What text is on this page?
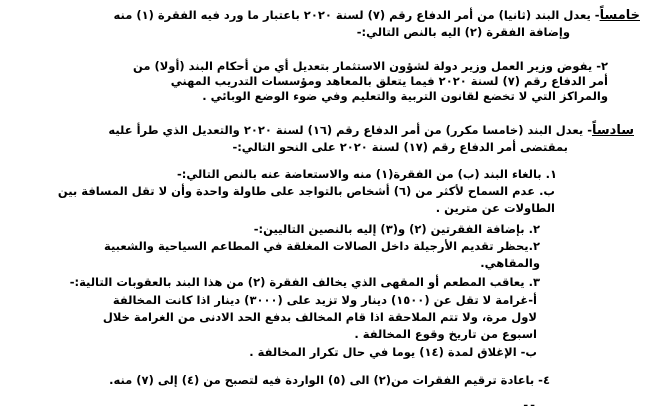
خامساً- يعدل البند (ثانيا) من أمر الدفاع رقم (٧) لسنة ٢٠٢٠ باعتبار ما ورد فيه الفقرة (١) منه
وإضافة الفقرة (٢) اليه بالنص التالي:-
٢- يفوض وزير العمل وزير دولة لشؤون الاستثمار بتعديل أي من أحكام البند (أولا) من
أمر الدفاع رقم (٧) لسنة ٢٠٢٠ فيما يتعلق بالمعاهد ومؤسسات التدريب المهني
والمراكز التي لا تخضع لقانون التربية والتعليم وفي ضوء الوضع الوبائي .
سادساً- يعدل البند (خامسا مكرر) من أمر الدفاع رقم (١٦) لسنة ٢٠٢٠ والتعديل الذي طرأ عليه
بمقتضى أمر الدفاع رقم (١٧) لسنة ٢٠٢٠ على النحو التالي:-
١. بالغاء البند (ب) من الفقرة(١) منه والاستعاضة عنه بالنص التالي:-
ب. عدم السماح لأكثر من (٦) أشخاص بالتواجد على طاولة واحدة وأن لا تقل المسافة بين
الطاولات عن مترين .
٢. بإضافة الفقرتين (٢) و(٣) إليه بالنصين التاليين:-
٢.يحظر تقديم الأرجيلة داخل الصالات المغلقة في المطاعم السياحية والشعبية
والمقاهي.
٣. يعاقب المطعم أو المقهى الذي يخالف الفقرة (٢) من هذا البند بالعقوبات التالية:-
أ-غرامة لا تقل عن (١٥٠٠) دينار ولا تزيد على (٣٠٠٠) دينار اذا كانت المخالفة
لاول مرة، ولا تتم الملاحقة اذا قام المخالف بدفع الحد الادنى من الغرامة خلال
اسبوع من تاريخ وقوع المخالفة .
ب- الإغلاق لمدة (١٤) يوما في حال تكرار المخالفة .
٤- باعادة ترقيم الفقرات من(٢) الى (٥) الواردة فيه لتصبح من (٤) إلى (٧) منه.
ـ ـ
